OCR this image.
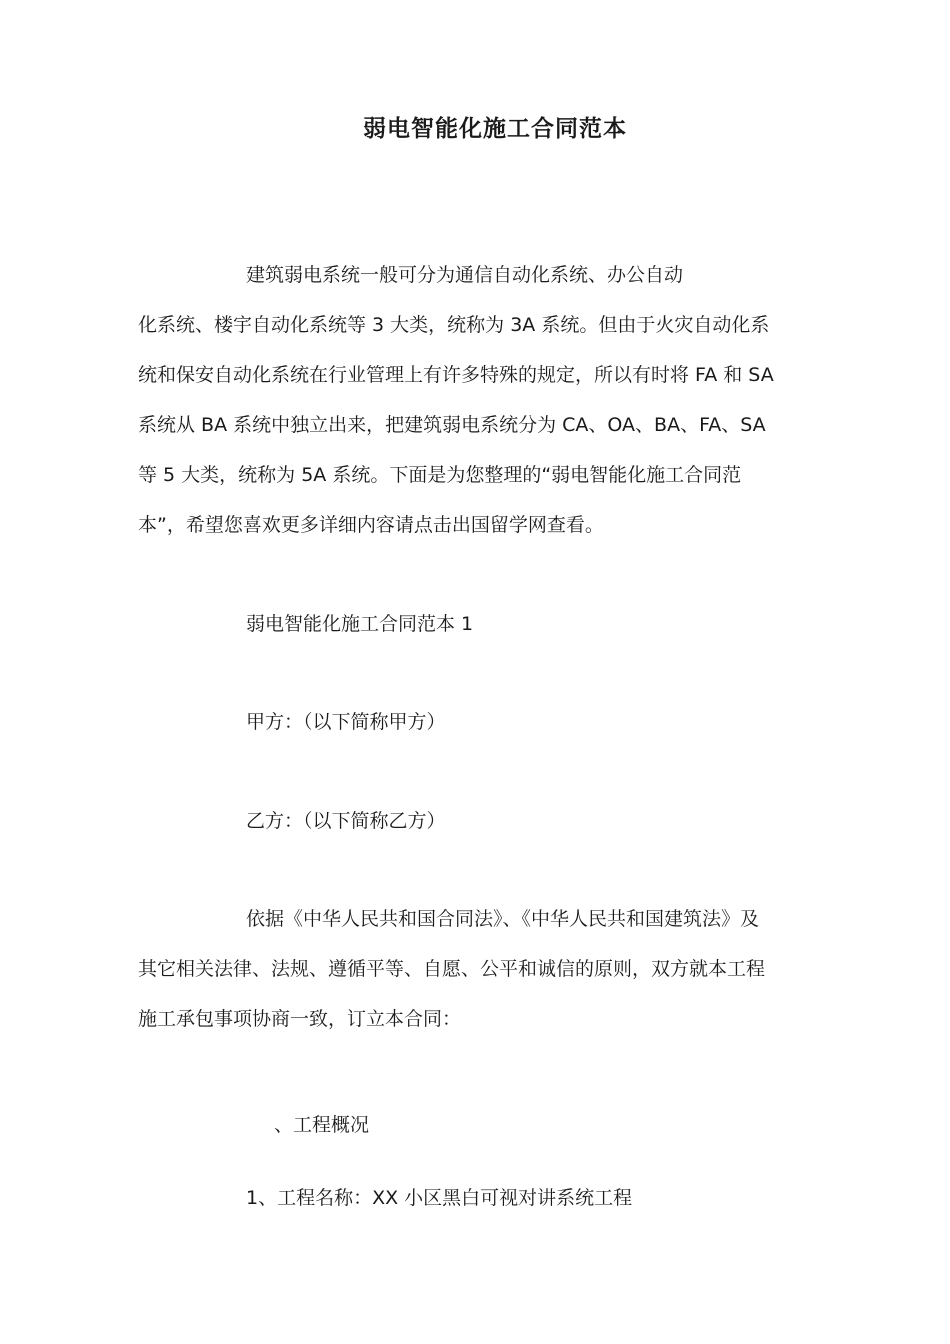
弱电智能化施工合同范本
建筑弱电系统一般可分为通信自动化系统、办公自动
化系统、楼宇自动化系统等 3 大类，统称为 3A 系统。但由于火灾自动化系
统和保安自动化系统在行业管理上有许多特殊的规定，所以有时将 FA 和 SA
系统从 BA 系统中独立出来，把建筑弱电系统分为 CA、OA、BA、FA、SA
等 5 大类，统称为 5A 系统。下面是为您整理的“弱电智能化施工合同范
本”，希望您喜欢更多详细内容请点击出国留学网查看。
弱电智能化施工合同范本 1
甲方：（以下简称甲方）
乙方：（以下简称乙方）
依据《中华人民共和国合同法》、《中华人民共和国建筑法》及
其它相关法律、法规、遵循平等、自愿、公平和诚信的原则，双方就本工程
施工承包事项协商一致，订立本合同：
、工程概况
1、工程名称：XX 小区黑白可视对讲系统工程
